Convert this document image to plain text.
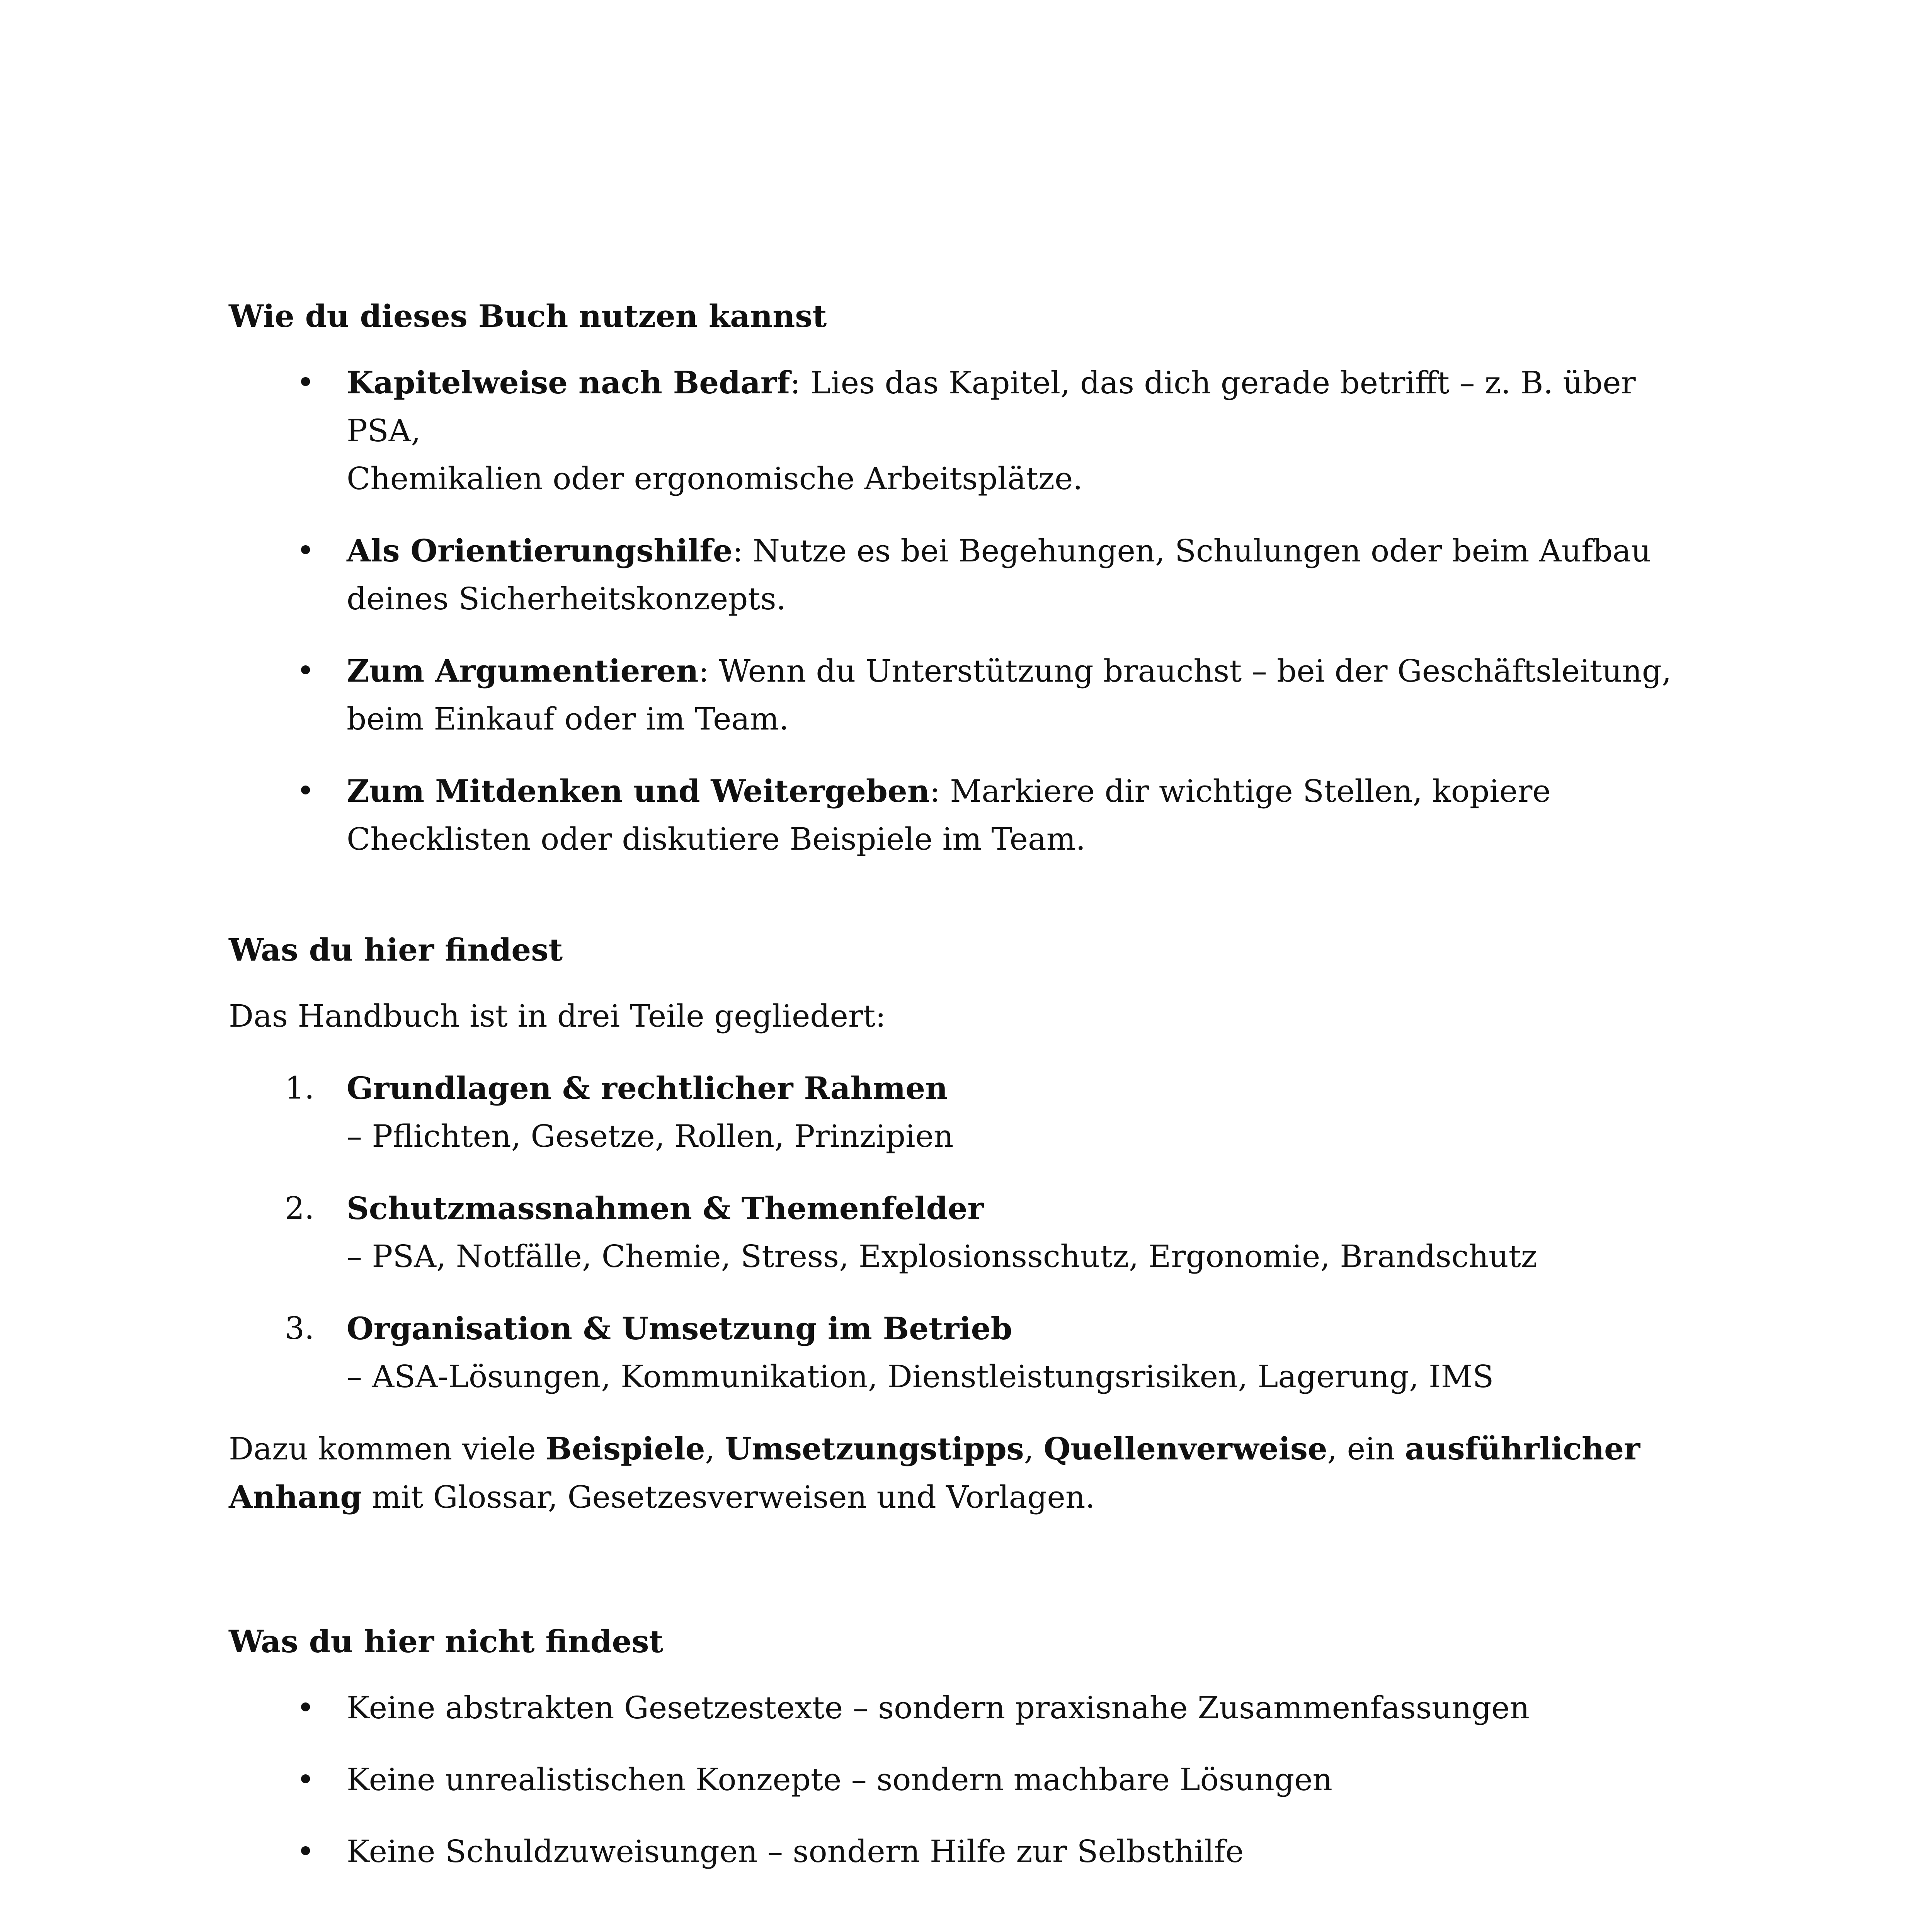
Wie du dieses Buch nutzen kannst

• Kapitelweise nach Bedarf: Lies das Kapitel, das dich gerade betrifft – z. B. über PSA,
Chemikalien oder ergonomische Arbeitsplätze.
• Als Orientierungshilfe: Nutze es bei Begehungen, Schulungen oder beim Aufbau
deines Sicherheitskonzepts.
• Zum Argumentieren: Wenn du Unterstützung brauchst – bei der Geschäftsleitung,
beim Einkauf oder im Team.
• Zum Mitdenken und Weitergeben: Markiere dir wichtige Stellen, kopiere
Checklisten oder diskutiere Beispiele im Team.

Was du hier findest

Das Handbuch ist in drei Teile gegliedert:

1. Grundlagen & rechtlicher Rahmen
– Pflichten, Gesetze, Rollen, Prinzipien
2. Schutzmassnahmen & Themenfelder
– PSA, Notfälle, Chemie, Stress, Explosionsschutz, Ergonomie, Brandschutz
3. Organisation & Umsetzung im Betrieb
– ASA-Lösungen, Kommunikation, Dienstleistungsrisiken, Lagerung, IMS

Dazu kommen viele Beispiele, Umsetzungstipps, Quellenverweise, ein ausführlicher
Anhang mit Glossar, Gesetzesverweisen und Vorlagen.

Was du hier nicht findest

• Keine abstrakten Gesetzestexte – sondern praxisnahe Zusammenfassungen
• Keine unrealistischen Konzepte – sondern machbare Lösungen
• Keine Schuldzuweisungen – sondern Hilfe zur Selbsthilfe
